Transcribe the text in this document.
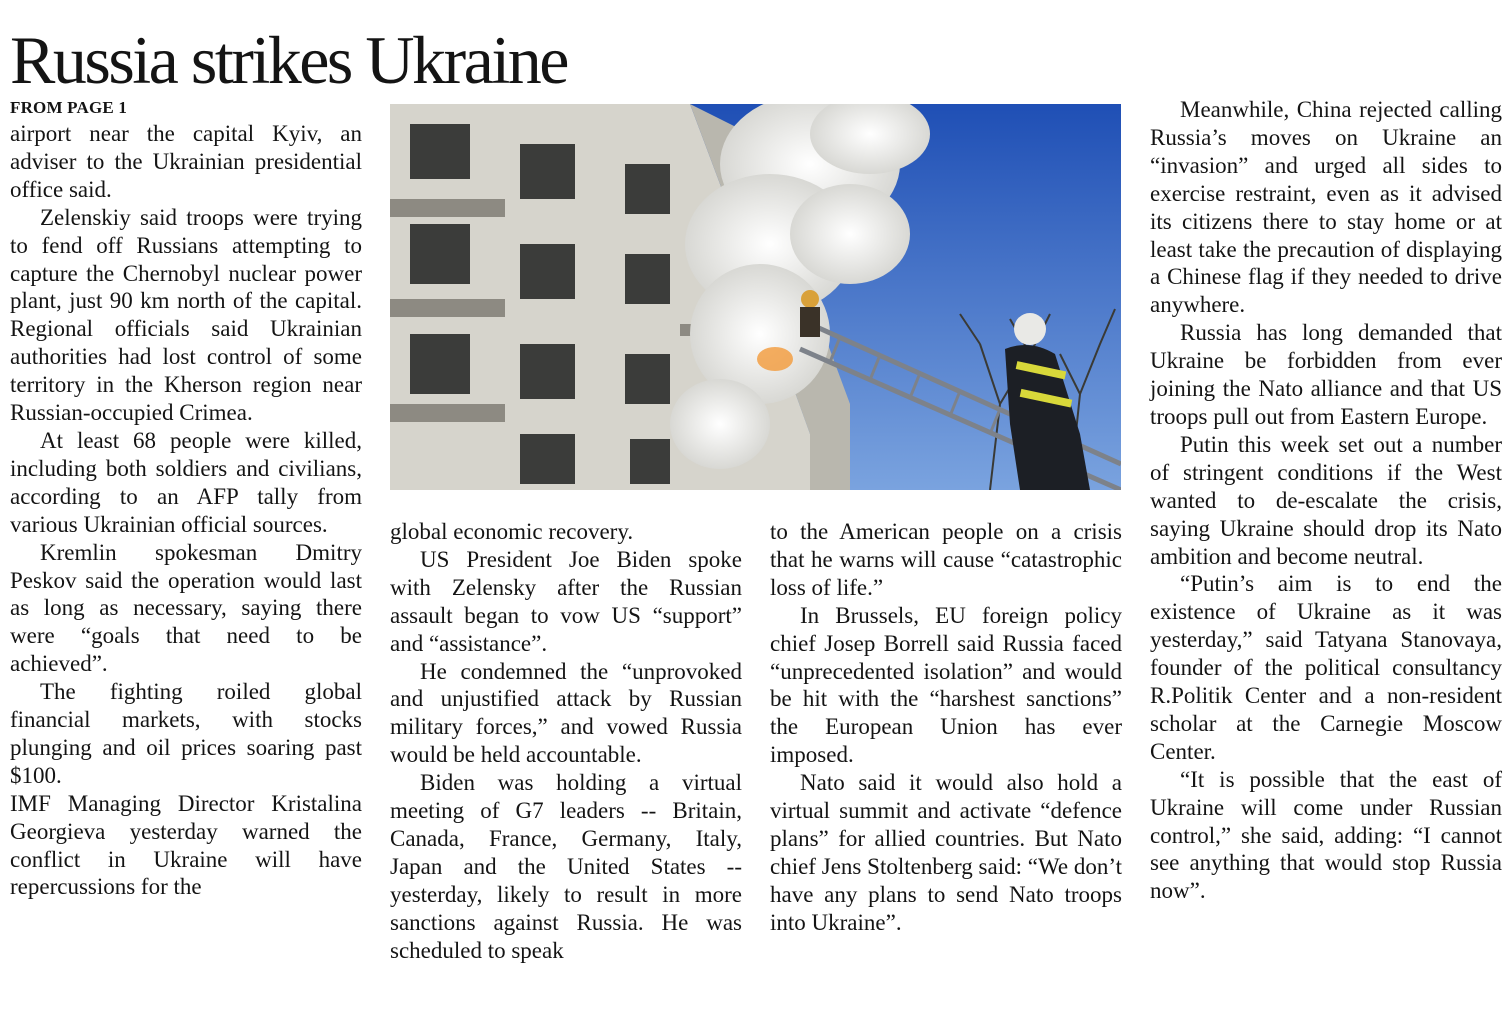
Russia strikes Ukraine
FROM PAGE 1

airport near the capital Kyiv, an adviser to the Ukrainian presidential office said.

Zelenskiy said troops were trying to fend off Russians attempting to capture the Chernobyl nuclear power plant, just 90 km north of the capital. Regional officials said Ukrainian authorities had lost control of some territory in the Kherson region near Russian-occupied Crimea.

At least 68 people were killed, including both soldiers and civilians, according to an AFP tally from various Ukrainian official sources.

Kremlin spokesman Dmitry Peskov said the operation would last as long as necessary, saying there were “goals that need to be achieved”.

The fighting roiled global financial markets, with stocks plunging and oil prices soaring past $100.

IMF Managing Director Kristalina Georgieva yesterday warned the conflict in Ukraine will have repercussions for the

global economic recovery.

US President Joe Biden spoke with Zelensky after the Russian assault began to vow US “support” and “assistance”.

He condemned the “unprovoked and unjustified attack by Russian military forces,” and vowed Russia would be held accountable.

Biden was holding a virtual meeting of G7 leaders -- Britain, Canada, France, Germany, Italy, Japan and the United States -- yesterday, likely to result in more sanctions against Russia. He was scheduled to speak

to the American people on a crisis that he warns will cause “catastrophic loss of life.”

In Brussels, EU foreign policy chief Josep Borrell said Russia faced “unprecedented isolation” and would be hit with the “harshest sanctions” the European Union has ever imposed.

Nato said it would also hold a virtual summit and activate “defence plans” for allied countries. But Nato chief Jens Stoltenberg said: “We don’t have any plans to send Nato troops into Ukraine”.

Meanwhile, China rejected calling Russia’s moves on Ukraine an “invasion” and urged all sides to exercise restraint, even as it advised its citizens there to stay home or at least take the precaution of displaying a Chinese flag if they needed to drive anywhere.

Russia has long demanded that Ukraine be forbidden from ever joining the Nato alliance and that US troops pull out from Eastern Europe.

Putin this week set out a number of stringent conditions if the West wanted to de-escalate the crisis, saying Ukraine should drop its Nato ambition and become neutral.

“Putin’s aim is to end the existence of Ukraine as it was yesterday,” said Tatyana Stanovaya, founder of the political consultancy R.Politik Center and a non-resident scholar at the Carnegie Moscow Center.

“It is possible that the east of Ukraine will come under Russian control,” she said, adding: “I cannot see anything that would stop Russia now”.
